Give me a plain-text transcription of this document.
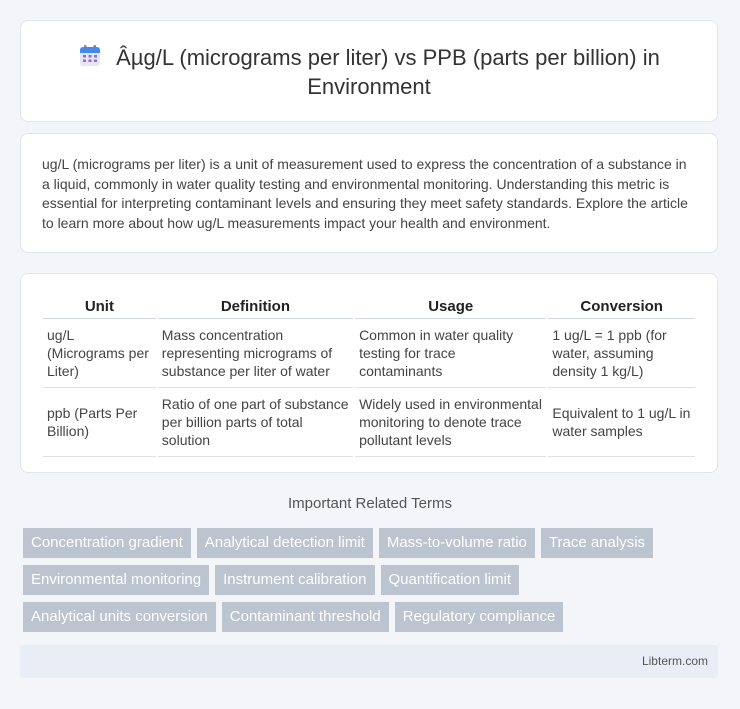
Âµg/L (micrograms per liter) vs PPB (parts per billion) in Environment
ug/L (micrograms per liter) is a unit of measurement used to express the concentration of a substance in a liquid, commonly in water quality testing and environmental monitoring. Understanding this metric is essential for interpreting contaminant levels and ensuring they meet safety standards. Explore the article to learn more about how ug/L measurements impact your health and environment.
Unit	Definition	Usage	Conversion
ug/L (Micrograms per Liter)	Mass concentration representing micrograms of substance per liter of water	Common in water quality testing for trace contaminants	1 ug/L = 1 ppb (for water, assuming density 1 kg/L)
ppb (Parts Per Billion)	Ratio of one part of substance per billion parts of total solution	Widely used in environmental monitoring to denote trace pollutant levels	Equivalent to 1 ug/L in water samples
Important Related Terms
Concentration gradient	Analytical detection limit	Mass-to-volume ratio	Trace analysis
Environmental monitoring	Instrument calibration	Quantification limit
Analytical units conversion	Contaminant threshold	Regulatory compliance
Libterm.com
